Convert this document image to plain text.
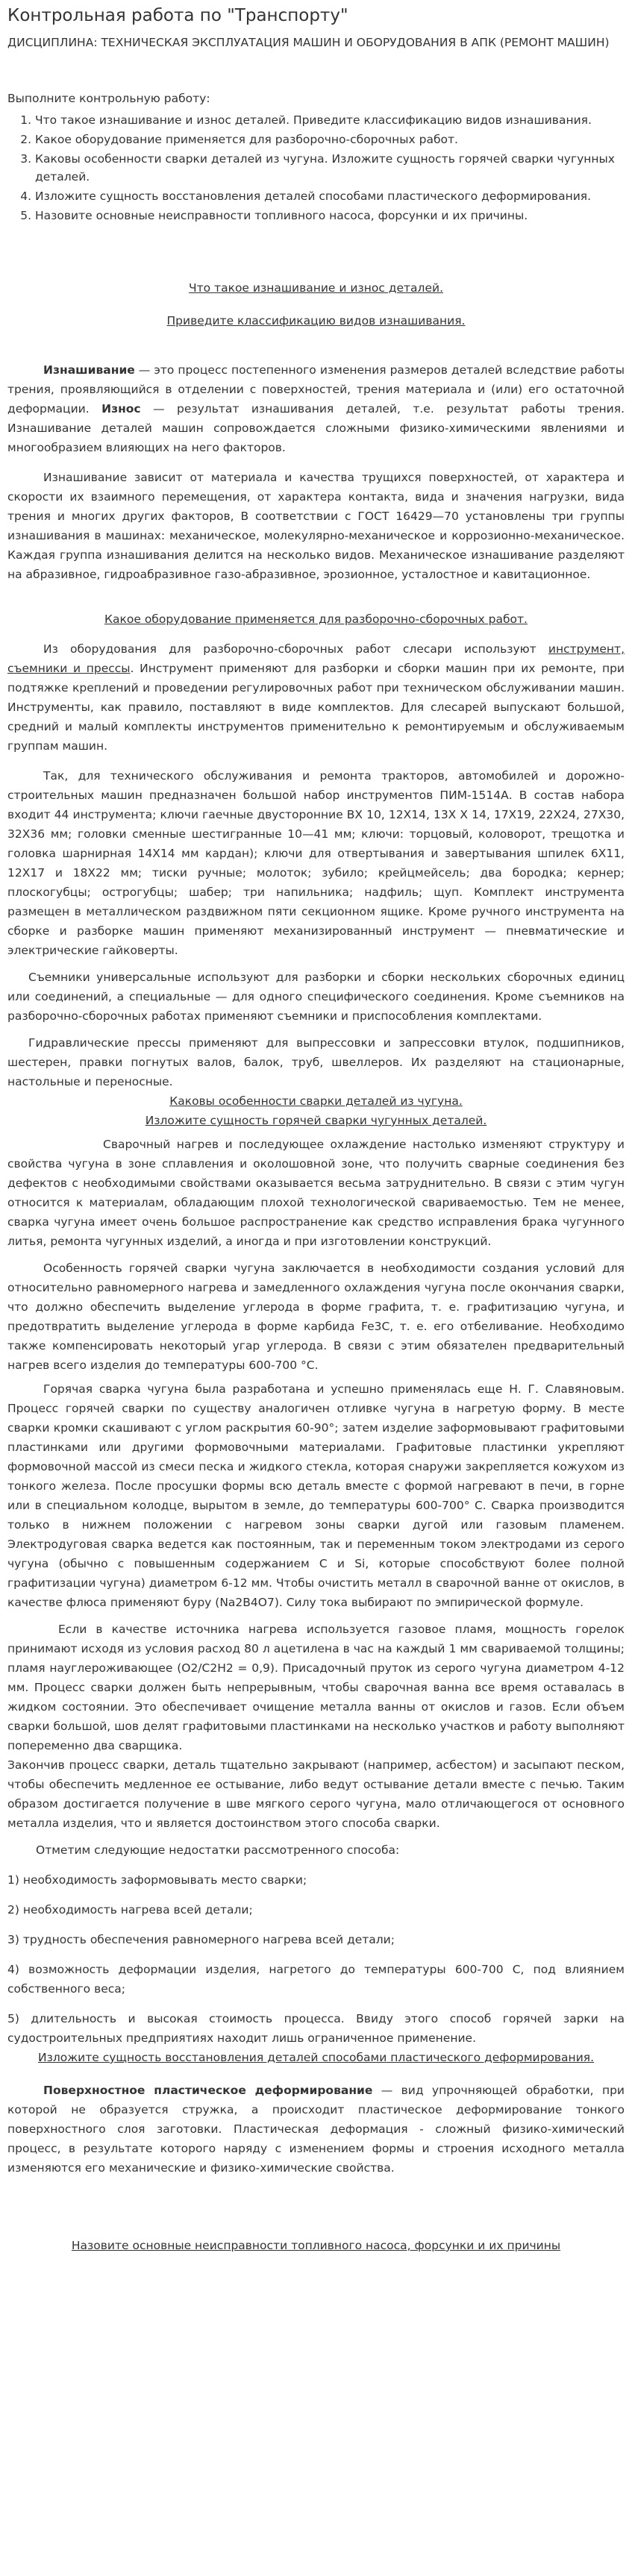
Контрольная работа по "Транспорту"

ДИСЦИПЛИНА: ТЕХНИЧЕСКАЯ ЭКСПЛУАТАЦИЯ МАШИН И ОБОРУДОВАНИЯ В АПК (РЕМОНТ МАШИН)

Выполните контрольную работу:

1. Что такое изнашивание и износ деталей. Приведите классификацию видов изнашивания.
2. Какое оборудование применяется для разборочно-сборочных работ.
3. Каковы особенности сварки деталей из чугуна. Изложите сущность горячей сварки чугунных деталей.
4. Изложите сущность восстановления деталей способами пластического деформирования.
5. Назовите основные неисправности топливного насоса, форсунки и их причины.

Что такое изнашивание и износ деталей.

Приведите классификацию видов изнашивания.

Изнашивание — это процесс постепенного изменения размеров деталей вследствие работы трения, проявляющийся в отделении с поверхностей, трения материала и (или) его остаточной деформации. Износ — результат изнашивания деталей, т.е. результат работы трения. Изнашивание деталей машин сопровождается сложными физико-химическими явлениями и многообразием влияющих на него факторов.

Изнашивание зависит от материала и качества трущихся поверхностей, от характера и скорости их взаимного перемещения, от характера контакта, вида и значения нагрузки, вида трения и многих других факторов, В соответствии с ГОСТ 16429—70 установлены три группы изнашивания в машинах: механическое, молекулярно-механическое и коррозионно-механическое. Каждая группа изнашивания делится на несколько видов. Механическое изнашивание разделяют на абразивное, гидроабразивное газо-абразивное, эрозионное, усталостное и кавитационное.

Какое оборудование применяется для разборочно-сборочных работ.

Из оборудования для разборочно-сборочных работ слесари используют инструмент, съемники и прессы. Инструмент применяют для разборки и сборки машин при их ремонте, при подтяжке креплений и проведении регулировочных работ при техническом обслуживании машин. Инструменты, как правило, поставляют в виде комплектов. Для слесарей выпускают большой, средний и малый комплекты инструментов применительно к ремонтируемым и обслуживаемым группам машин.

Так, для технического обслуживания и ремонта тракторов, автомобилей и дорожно-строительных машин предназначен большой набор инструментов ПИМ-1514А. В состав набора входит 44 инструмента; ключи гаечные двусторонние ВХ 10, 12Х14, 13Х Х 14, 17Х19, 22Х24, 27Х30, 32Х36 мм; головки сменные шестигранные 10—41 мм; ключи: торцовый, коловорот, трещотка и головка шарнирная 14Х14 мм кардан); ключи для отвертывания и завертывания шпилек 6Х11, 12Х17 и 18Х22 мм; тиски ручные; молоток; зубило; крейцмейсель; два бородка; кернер; плоскогубцы; острогубцы; шабер; три напильника; надфиль; щуп. Комплект инструмента размещен в металлическом раздвижном пяти секционном ящике. Кроме ручного инструмента на сборке и разборке машин применяют механизированный инструмент — пневматические и электрические гайковерты.

Съемники универсальные используют для разборки и сборки нескольких сборочных единиц или соединений, а специальные — для одного специфического соединения. Кроме съемников на разборочно-сборочных работах применяют съемники и приспособления комплектами.

Гидравлические прессы применяют для выпрессовки и запрессовки втулок, подшипников, шестерен, правки погнутых валов, балок, труб, швеллеров. Их разделяют на стационарные, настольные и переносные.

Каковы особенности сварки деталей из чугуна.

Изложите сущность горячей сварки чугунных деталей.

Сварочный нагрев и последующее охлаждение настолько изменяют структуру и свойства чугуна в зоне сплавления и околошовной зоне, что получить сварные соединения без дефектов с необходимыми свойствами оказывается весьма затруднительно. В связи с этим чугун относится к материалам, обладающим плохой технологической свариваемостью. Тем не менее, сварка чугуна имеет очень большое распространение как средство исправления брака чугунного литья, ремонта чугунных изделий, а иногда и при изготовлении конструкций.

Особенность горячей сварки чугуна заключается в необходимости создания условий для относительно равномерного нагрева и замедленного охлаждения чугуна после окончания сварки, что должно обеспечить выделение углерода в форме графита, т. е. графитизацию чугуна, и предотвратить выделение углерода в форме карбида Fe3C, т. е. его отбеливание. Необходимо также компенсировать некоторый угар углерода. В связи с этим обязателен предварительный нагрев всего изделия до температуры 600-700 °С.

Горячая сварка чугуна была разработана и успешно применялась еще Н. Г. Славяновым. Процесс горячей сварки по существу аналогичен отливке чугуна в нагретую форму. В месте сварки кромки скашивают с углом раскрытия 60-90°; затем изделие заформовывают графитовыми пластинками или другими формовочными материалами. Графитовые пластинки укрепляют формовочной массой из смеси песка и жидкого стекла, которая снаружи закрепляется кожухом из тонкого железа. После просушки формы всю деталь вместе с формой нагревают в печи, в горне или в специальном колодце, вырытом в земле, до температуры 600-700° С. Сварка производится только в нижнем положении с нагревом зоны сварки дугой или газовым пламенем. Электродуговая сварка ведется как постоянным, так и переменным током электродами из серого чугуна (обычно с повышенным содержанием С и Si, которые способствуют более полной графитизации чугуна) диаметром 6-12 мм. Чтобы очистить металл в сварочной ванне от окислов, в качестве флюса применяют буру (Na2B4O7). Силу тока выбирают по эмпирической формуле.

Если в качестве источника нагрева используется газовое пламя, мощность горелок принимают исходя из условия расход 80 л ацетилена в час на каждый 1 мм свариваемой толщины; пламя науглероживающее (O2/C2H2 = 0,9). Присадочный пруток из серого чугуна диаметром 4-12 мм. Процесс сварки должен быть непрерывным, чтобы сварочная ванна все время оставалась в жидком состоянии. Это обеспечивает очищение металла ванны от окислов и газов. Если объем сварки большой, шов делят графитовыми пластинками на несколько участков и работу выполняют попеременно два сварщика.

Закончив процесс сварки, деталь тщательно закрывают (например, асбестом) и засыпают песком, чтобы обеспечить медленное ее остывание, либо ведут остывание детали вместе с печью. Таким образом достигается получение в шве мягкого серого чугуна, мало отличающегося от основного металла изделия, что и является достоинством этого способа сварки.

Отметим следующие недостатки рассмотренного способа:

1) необходимость заформовывать место сварки;

2) необходимость нагрева всей детали;

3) трудность обеспечения равномерного нагрева всей детали;

4) возможность деформации изделия, нагретого до температуры 600-700 С, под влиянием собственного веса;

5) длительность и высокая стоимость процесса. Ввиду этого способ горячей зарки на судостроительных предприятиях находит лишь ограниченное применение.

Изложите сущность восстановления деталей способами пластического деформирования.

Поверхностное пластическое деформирование — вид упрочняющей обработки, при которой не образуется стружка, а происходит пластическое деформирование тонкого поверхностного слоя заготовки. Пластическая деформация - сложный физико-химический процесс, в результате которого наряду с изменением формы и строения исходного металла изменяются его механические и физико-химические свойства.

Назовите основные неисправности топливного насоса, форсунки и их причины
